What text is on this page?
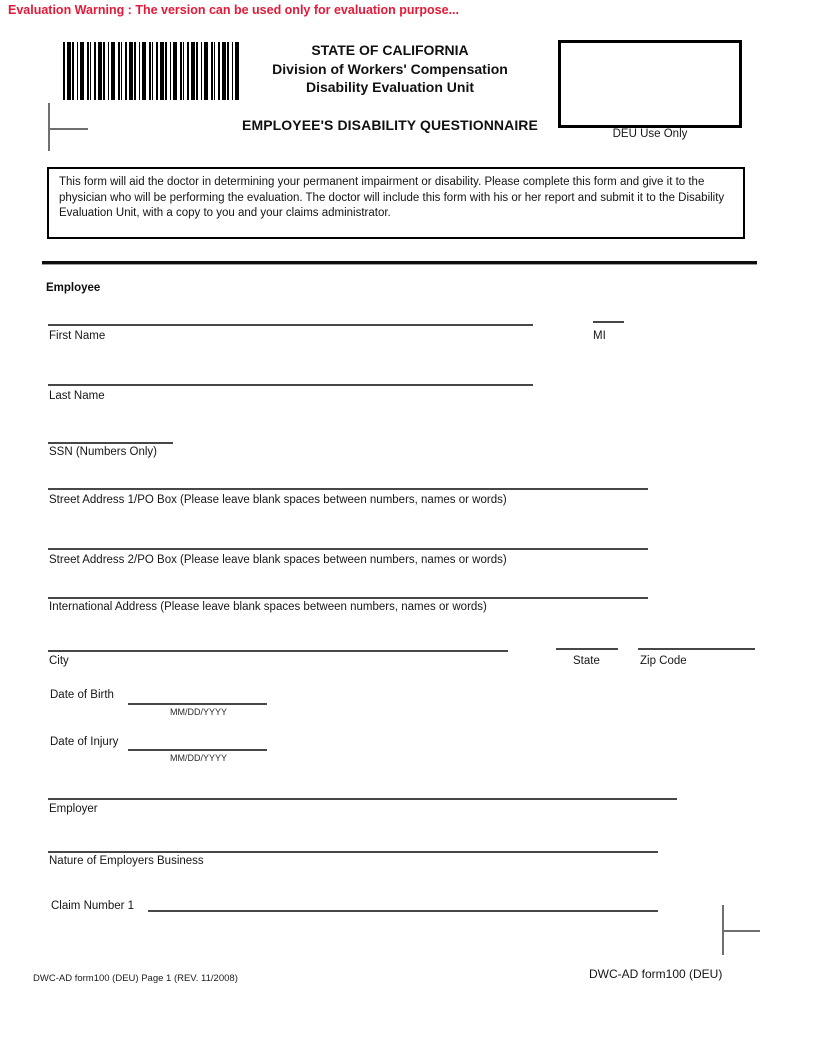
Evaluation Warning : The version can be used only for evaluation purpose...
STATE OF CALIFORNIA
Division of Workers' Compensation
Disability Evaluation Unit
EMPLOYEE'S DISABILITY QUESTIONNAIRE
DEU Use Only

This form will aid the doctor in determining your permanent impairment or disability. Please complete this form and give it to the physician who will be performing the evaluation. The doctor will include this form with his or her report and submit it to the Disability Evaluation Unit, with a copy to you and your claims administrator.

Employee
First Name	MI
Last Name
SSN (Numbers Only)
Street Address 1/PO Box (Please leave blank spaces between numbers, names or words)
Street Address 2/PO Box (Please leave blank spaces between numbers, names or words)
International Address (Please leave blank spaces between numbers, names or words)
City	State	Zip Code
Date of Birth
MM/DD/YYYY
Date of Injury
MM/DD/YYYY
Employer
Nature of Employers Business
Claim Number 1
DWC-AD form100 (DEU) Page 1 (REV. 11/2008)	DWC-AD form100 (DEU)
